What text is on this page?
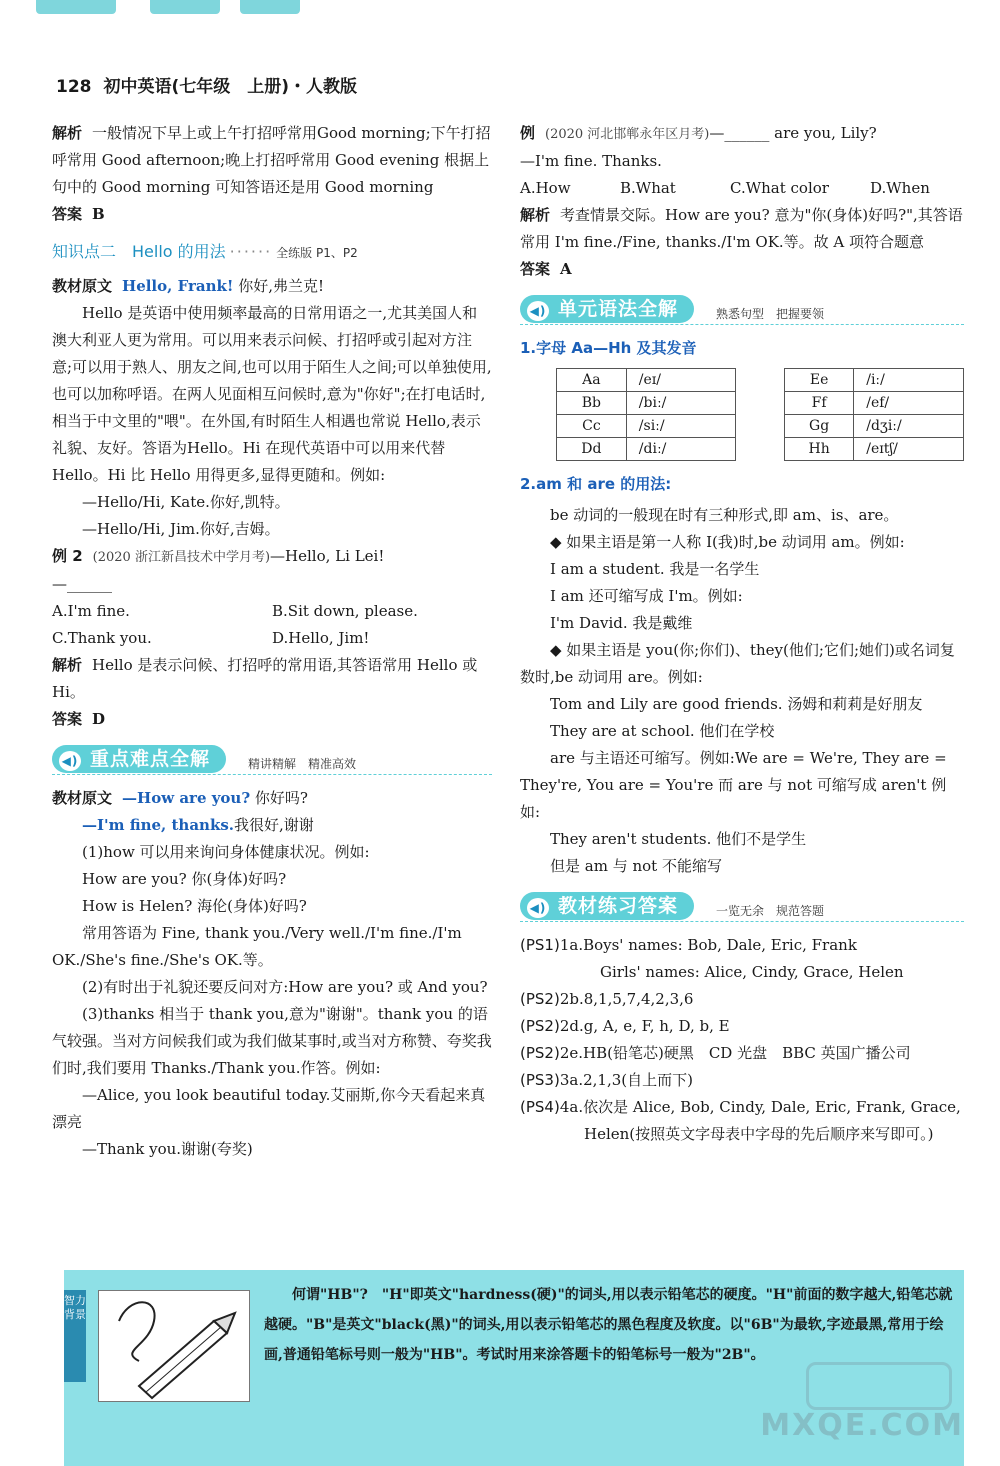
128 初中英语(七年级　上册)・人教版

解析 一般情况下早上或上午打招呼常用Good morning;下午打招呼常用 Good afternoon;晚上打招呼常用 Good evening 根据上句中的 Good morning 可知答语还是用 Good morning

答案 B

知识点二　Hello 的用法 ······ 全练版 P1、P2

教材原文 Hello, Frank! 你好,弗兰克!

Hello 是英语中使用频率最高的日常用语之一,尤其美国人和澳大利亚人更为常用。可以用来表示问候、打招呼或引起对方注意;可以用于熟人、朋友之间,也可以用于陌生人之间;可以单独使用,也可以加称呼语。在两人见面相互问候时,意为"你好";在打电话时,相当于中文里的"喂"。在外国,有时陌生人相遇也常说 Hello,表示礼貌、友好。答语为Hello。Hi 在现代英语中可以用来代替 Hello。Hi 比 Hello 用得更多,显得更随和。例如:

—Hello/Hi, Kate.你好,凯特。

—Hello/Hi, Jim.你好,吉姆。

例 2 (2020 浙江新昌技术中学月考)—Hello, Li Lei!

—______

A.I'm fine.	B.Sit down, please.
C.Thank you.	D.Hello, Jim!

解析 Hello 是表示问候、打招呼的常用语,其答语常用 Hello 或 Hi。

答案 D

◀) 重点难点全解	精讲精解　精准高效

教材原文 —How are you? 你好吗?

—I'm fine, thanks.我很好,谢谢

(1)how 可以用来询问身体健康状况。例如:

How are you? 你(身体)好吗?

How is Helen? 海伦(身体)好吗?

常用答语为 Fine, thank you./Very well./I'm fine./I'm OK./She's fine./She's OK.等。

(2)有时出于礼貌还要反问对方:How are you? 或 And you?

(3)thanks 相当于 thank you,意为"谢谢"。thank you 的语气较强。当对方问候我们或为我们做某事时,或当对方称赞、夸奖我们时,我们要用 Thanks./Thank you.作答。例如:

—Alice, you look beautiful today.艾丽斯,你今天看起来真漂亮

—Thank you.谢谢(夸奖)

例 (2020 河北邯郸永年区月考)—______ are you, Lily?

—I'm fine. Thanks.

A.How	B.What	C.What color	D.When

解析 考查情景交际。How are you? 意为"你(身体)好吗?",其答语常用 I'm fine./Fine, thanks./I'm OK.等。故 A 项符合题意

答案 A

◀) 单元语法全解	熟悉句型　把握要领

1.字母 Aa—Hh 及其发音

Aa	/eɪ/
Bb	/biː/
Cc	/siː/
Dd	/diː/
Ee	/iː/
Ff	/ef/
Gg	/dʒiː/
Hh	/eɪtʃ/

2.am 和 are 的用法:

be 动词的一般现在时有三种形式,即 am、is、are。

◆ 如果主语是第一人称 I(我)时,be 动词用 am。例如:

I am a student. 我是一名学生

I am 还可缩写成 I'm。例如:

I'm David. 我是戴维

◆ 如果主语是 you(你;你们)、they(他们;它们;她们)或名词复数时,be 动词用 are。例如:

Tom and Lily are good friends. 汤姆和莉莉是好朋友

They are at school. 他们在学校

are 与主语还可缩写。例如:We are = We're, They are = They're, You are = You're 而 are 与 not 可缩写成 aren't 例如:

They aren't students. 他们不是学生

但是 am 与 not 不能缩写

◀) 教材练习答案	一览无余　规范答题

(PS1)1a.Boys' names: Bob, Dale, Eric, Frank

Girls' names: Alice, Cindy, Grace, Helen

(PS2)2b.8,1,5,7,4,2,3,6

(PS2)2d.g, A, e, F, h, D, b, E

(PS2)2e.HB(铅笔芯)硬黑　CD 光盘　BBC 英国广播公司

(PS3)3a.2,1,3(自上而下)

(PS4)4a.依次是 Alice, Bob, Cindy, Dale, Eric, Frank, Grace, Helen(按照英文字母表中字母的先后顺序来写即可。)

智力背景
何谓"HB"?　"H"即英文"hardness(硬)"的词头,用以表示铅笔芯的硬度。"H"前面的数字越大,铅笔芯就越硬。"B"是英文"black(黑)"的词头,用以表示铅笔芯的黑色程度及软度。以"6B"为最软,字迹最黑,常用于绘画,普通铅笔标号则一般为"HB"。考试时用来涂答题卡的铅笔标号一般为"2B"。
MXQE.COM
